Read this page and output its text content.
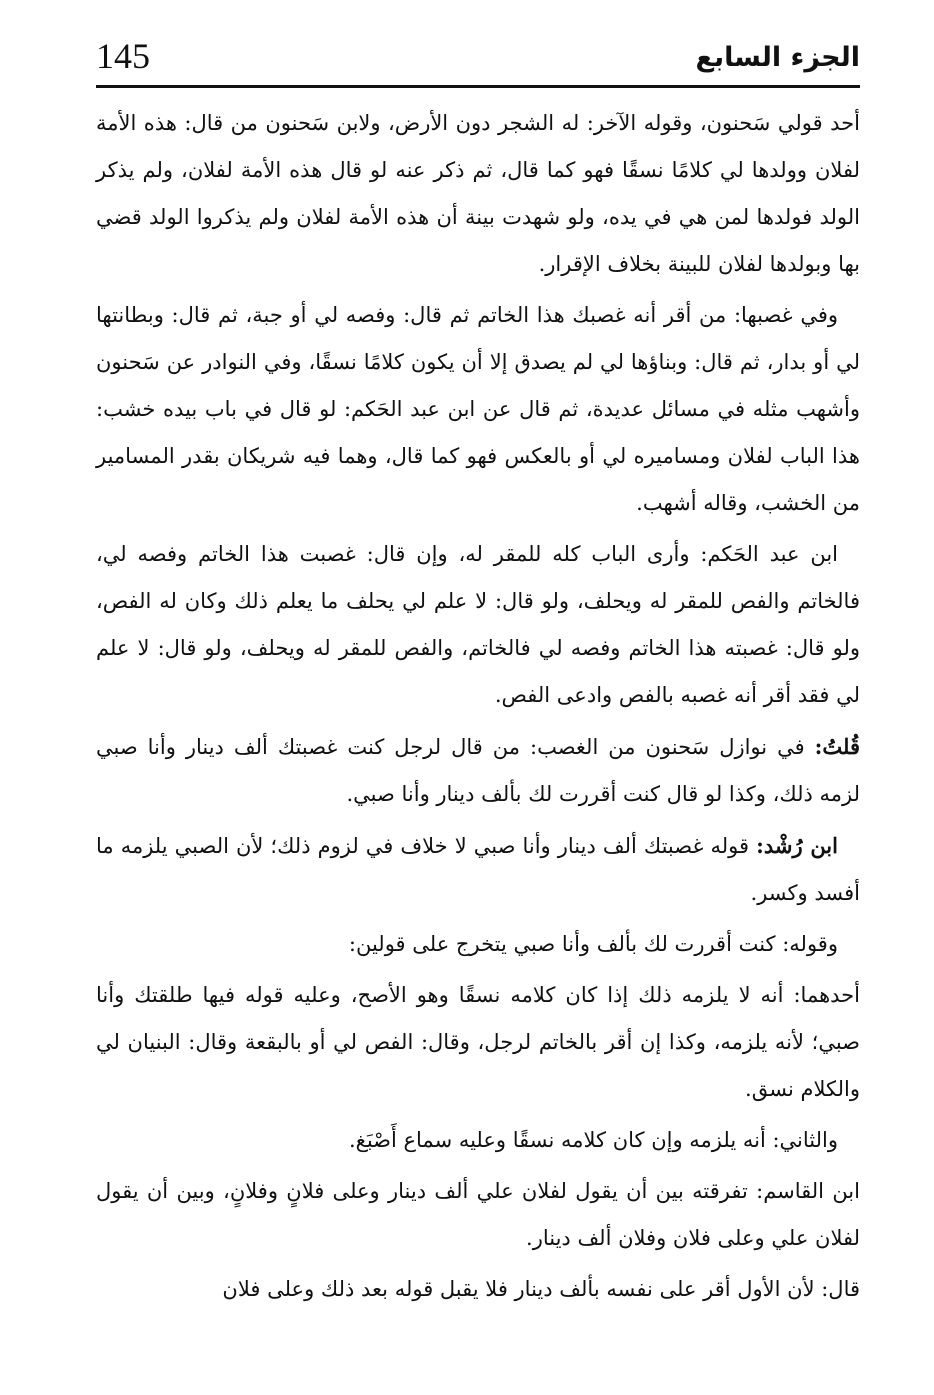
145	الجزء السابع

أحد قولي سَحنون، وقوله الآخر: له الشجر دون الأرض، ولابن سَحنون من قال: هذه الأمة لفلان وولدها لي كلامًا نسقًا فهو كما قال، ثم ذكر عنه لو قال هذه الأمة لفلان، ولم يذكر الولد فولدها لمن هي في يده، ولو شهدت بينة أن هذه الأمة لفلان ولم يذكروا الولد قضي بها وبولدها لفلان للبينة بخلاف الإقرار.

وفي غصبها: من أقر أنه غصبك هذا الخاتم ثم قال: وفصه لي أو جبة، ثم قال: وبطانتها لي أو بدار، ثم قال: وبناؤها لي لم يصدق إلا أن يكون كلامًا نسقًا، وفي النوادر عن سَحنون وأشهب مثله في مسائل عديدة، ثم قال عن ابن عبد الحَكم: لو قال في باب بيده خشب: هذا الباب لفلان ومساميره لي أو بالعكس فهو كما قال، وهما فيه شريكان بقدر المسامير من الخشب، وقاله أشهب.

ابن عبد الحَكم: وأرى الباب كله للمقر له، وإن قال: غصبت هذا الخاتم وفصه لي، فالخاتم والفص للمقر له ويحلف، ولو قال: لا علم لي يحلف ما يعلم ذلك وكان له الفص، ولو قال: غصبته هذا الخاتم وفصه لي فالخاتم، والفص للمقر له ويحلف، ولو قال: لا علم لي فقد أقر أنه غصبه بالفص وادعى الفص.

قُلتُ: في نوازل سَحنون من الغصب: من قال لرجل كنت غصبتك ألف دينار وأنا صبي لزمه ذلك، وكذا لو قال كنت أقررت لك بألف دينار وأنا صبي.

ابن رُشْد: قوله غصبتك ألف دينار وأنا صبي لا خلاف في لزوم ذلك؛ لأن الصبي يلزمه ما أفسد وكسر.

وقوله: كنت أقررت لك بألف وأنا صبي يتخرج على قولين:

أحدهما: أنه لا يلزمه ذلك إذا كان كلامه نسقًا وهو الأصح، وعليه قوله فيها طلقتك وأنا صبي؛ لأنه يلزمه، وكذا إن أقر بالخاتم لرجل، وقال: الفص لي أو بالبقعة وقال: البنيان لي والكلام نسق.

والثاني: أنه يلزمه وإن كان كلامه نسقًا وعليه سماع أَصْبَغ.

ابن القاسم: تفرقته بين أن يقول لفلان علي ألف دينار وعلى فلانٍ وفلانٍ، وبين أن يقول لفلان علي وعلى فلان وفلان ألف دينار.

قال: لأن الأول أقر على نفسه بألف دينار فلا يقبل قوله بعد ذلك وعلى فلان
